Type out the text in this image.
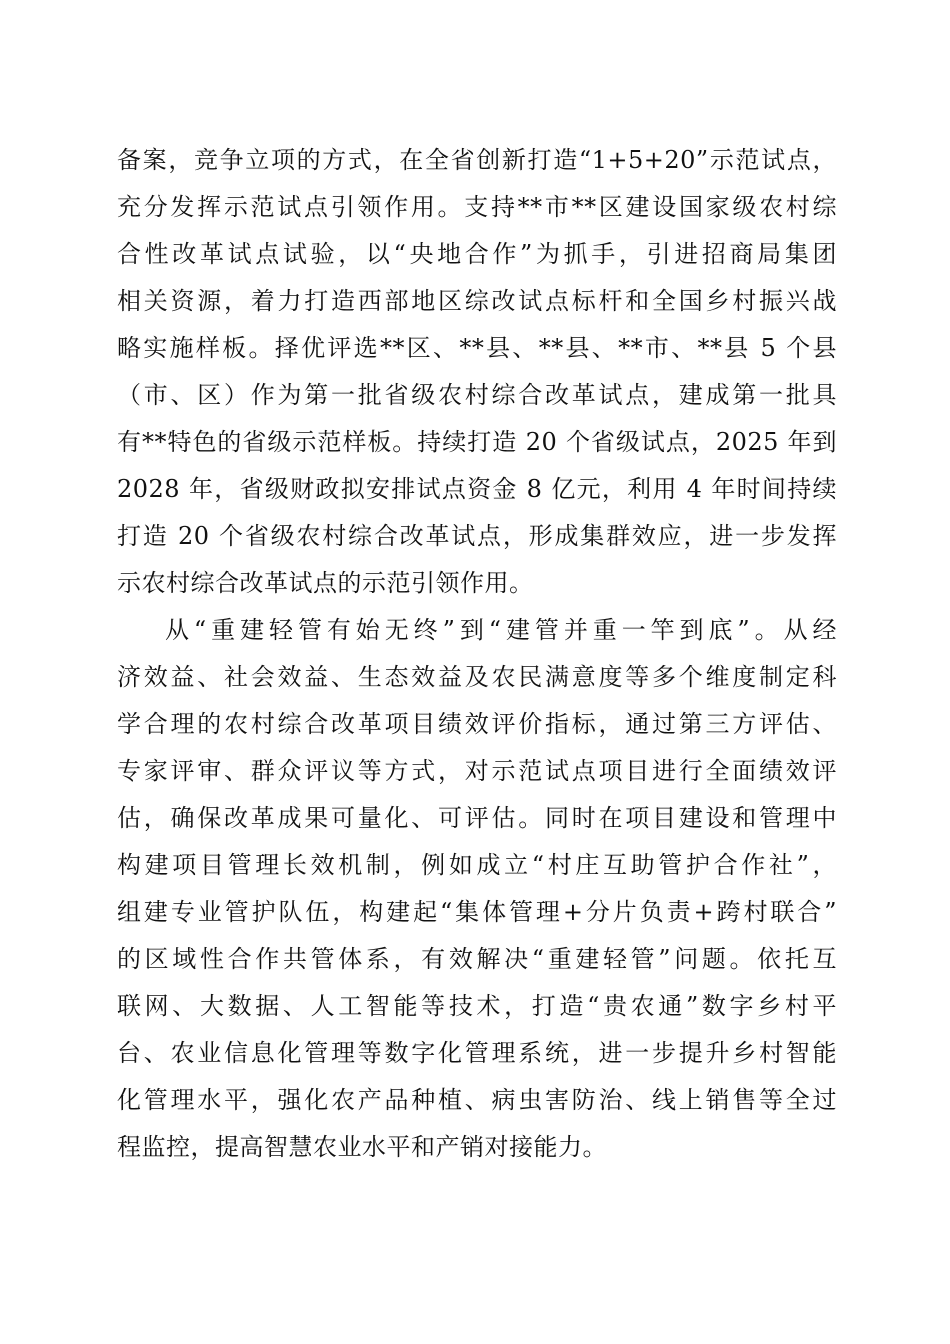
备案，竞争立项的方式，在全省创新打造“1+5+20”示范试点，
充分发挥示范试点引领作用。支持**市**区建设国家级农村综
合性改革试点试验，以“央地合作”为抓手，引进招商局集团
相关资源，着力打造西部地区综改试点标杆和全国乡村振兴战
略实施样板。择优评选**区、**县、**县、**市、**县 5 个县
（市、区）作为第一批省级农村综合改革试点，建成第一批具
有**特色的省级示范样板。持续打造 20 个省级试点，2025 年到
2028 年，省级财政拟安排试点资金 8 亿元，利用 4 年时间持续
打造 20 个省级农村综合改革试点，形成集群效应，进一步发挥
示农村综合改革试点的示范引领作用。
从“重建轻管有始无终”到“建管并重一竿到底”。从经
济效益、社会效益、生态效益及农民满意度等多个维度制定科
学合理的农村综合改革项目绩效评价指标，通过第三方评估、
专家评审、群众评议等方式，对示范试点项目进行全面绩效评
估，确保改革成果可量化、可评估。同时在项目建设和管理中
构建项目管理长效机制，例如成立“村庄互助管护合作社”，
组建专业管护队伍，构建起“集体管理+分片负责+跨村联合”
的区域性合作共管体系，有效解决“重建轻管”问题。依托互
联网、大数据、人工智能等技术，打造“贵农通”数字乡村平
台、农业信息化管理等数字化管理系统，进一步提升乡村智能
化管理水平，强化农产品种植、病虫害防治、线上销售等全过
程监控，提高智慧农业水平和产销对接能力。
